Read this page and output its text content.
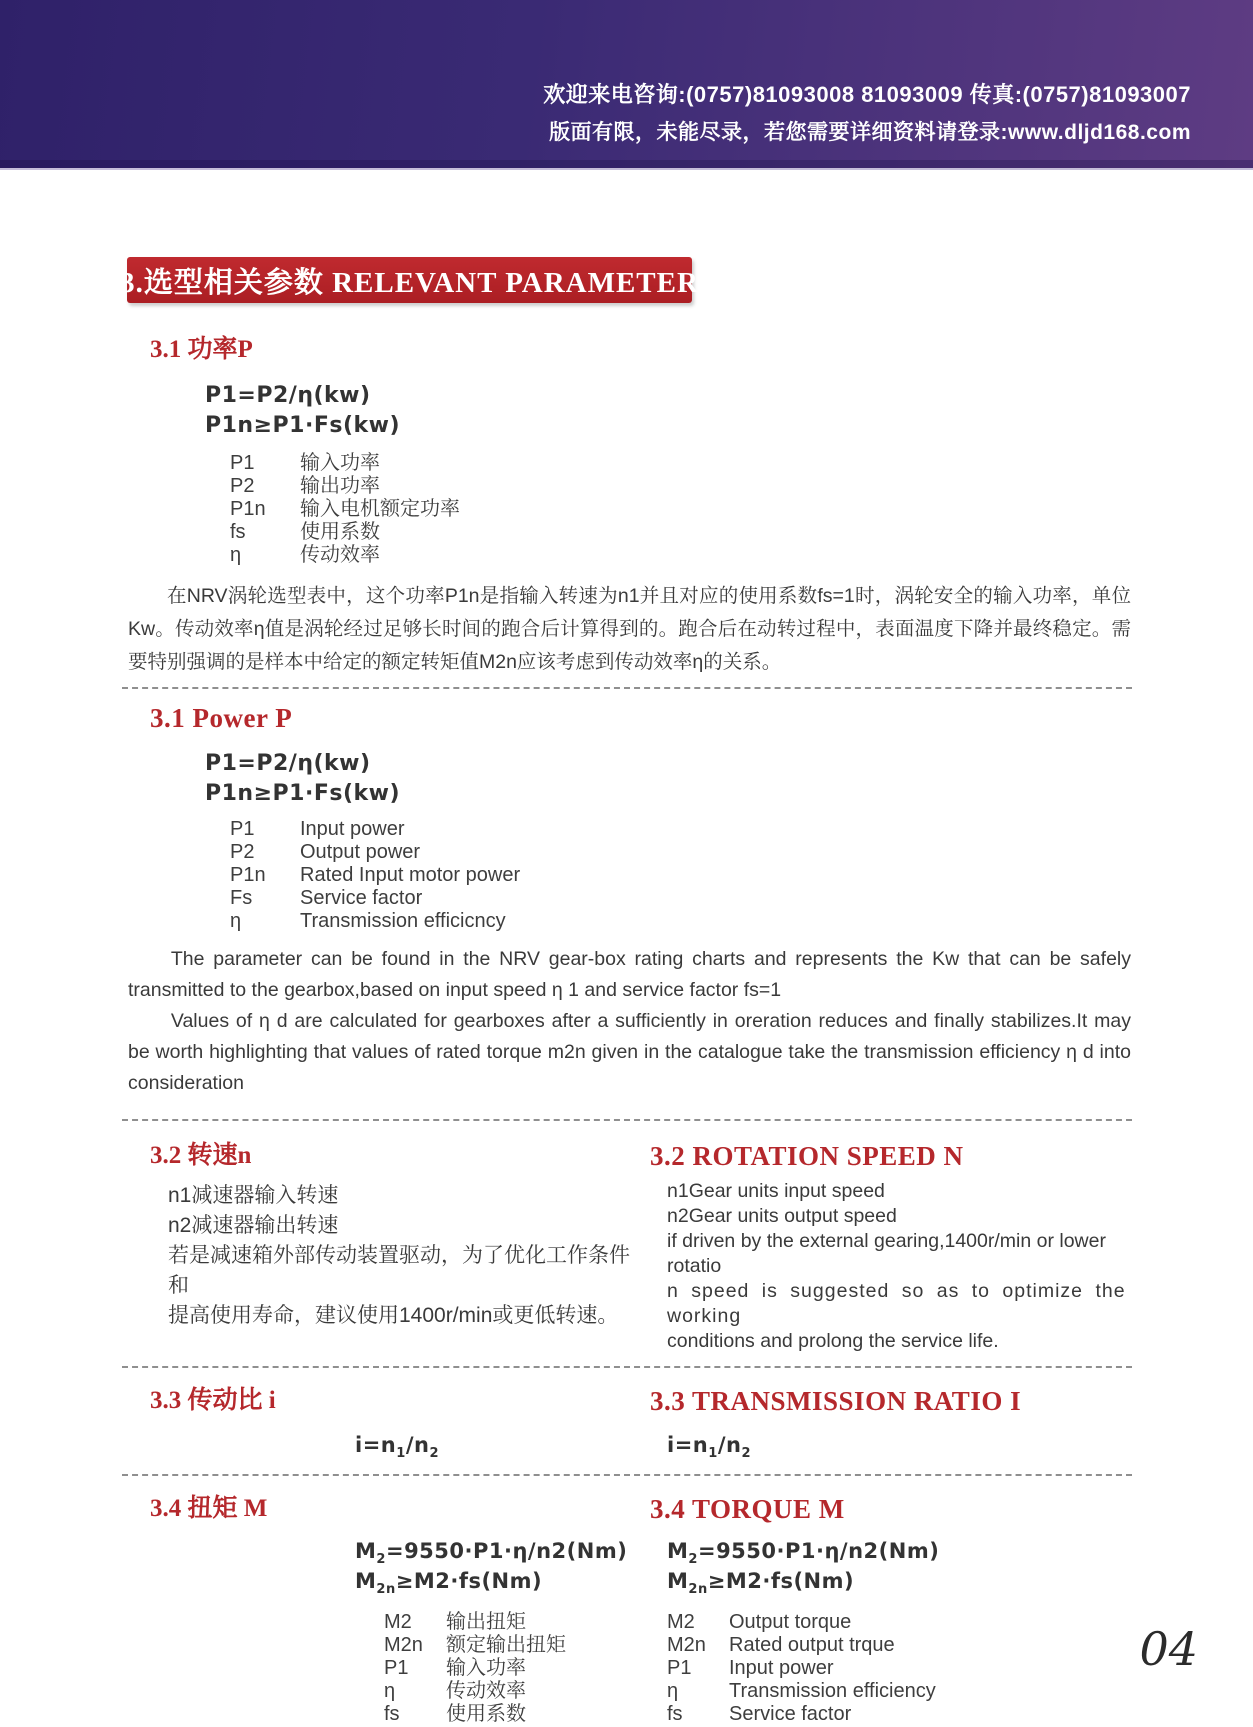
欢迎来电咨询:(0757)81093008 81093009 传真:(0757)81093007

版面有限，未能尽录，若您需要详细资料请登录:www.dljd168.com

3.选型相关参数 RELEVANT PARAMETER
3.1 功率P

P1=P2/η(kw)

P1n≥P1·Fs(kw)

P1	输入功率
P2	输出功率
P1n	输入电机额定功率
fs	使用系数
η	传动效率

在NRV涡轮选型表中，这个功率P1n是指输入转速为n1并且对应的使用系数fs=1时，涡轮安全的输入功率，单位Kw。传动效率η值是涡轮经过足够长时间的跑合后计算得到的。跑合后在动转过程中，表面温度下降并最终稳定。需要特别强调的是样本中给定的额定转矩值M2n应该考虑到传动效率η的关系。

3.1 Power P

P1=P2/η(kw)

P1n≥P1·Fs(kw)

P1	Input power
P2	Output power
P1n	Rated Input motor power
Fs	Service factor
η	Transmission efficicncy

The parameter can be found in the NRV gear-box rating charts and represents the Kw that can be safely transmitted to the gearbox,based on input speed η 1 and service factor fs=1

Values of η d are calculated for gearboxes after a sufficiently in oreration reduces and finally stabilizes.It may be worth highlighting that values of rated torque m2n given in the catalogue take the transmission efficiency η d into consideration

3.2 转速n

n1减速器输入转速

n2减速器输出转速

若是减速箱外部传动装置驱动，为了优化工作条件和

提高使用寿命，建议使用1400r/min或更低转速。

3.2 ROTATION SPEED N

n1Gear units input speed

n2Gear units output speed

if driven by the external gearing,1400r/min or lower rotatio

n speed is suggested so as to optimize the working

conditions and prolong the service life.

3.3 传动比 i

$i=n_1/n_2$

3.3 TRANSMISSION RATIO I

$i=n_1/n_2$

3.4 扭矩 M

$M_2=9550\cdot P1\cdot\eta/n2(Nm)$

$M_{2n}\ge M2\cdot fs(Nm)$

M2	输出扭矩
M2n	额定输出扭矩
P1	输入功率
η	传动效率
fs	使用系数
3.4 TORQUE M

$M_2=9550\cdot P1\cdot\eta/n2(Nm)$

$M_{2n}\ge M2\cdot fs(Nm)$

M2	Output torque
M2n	Rated output trque
P1	Input power
η	Transmission efficiency
fs	Service factor
04
